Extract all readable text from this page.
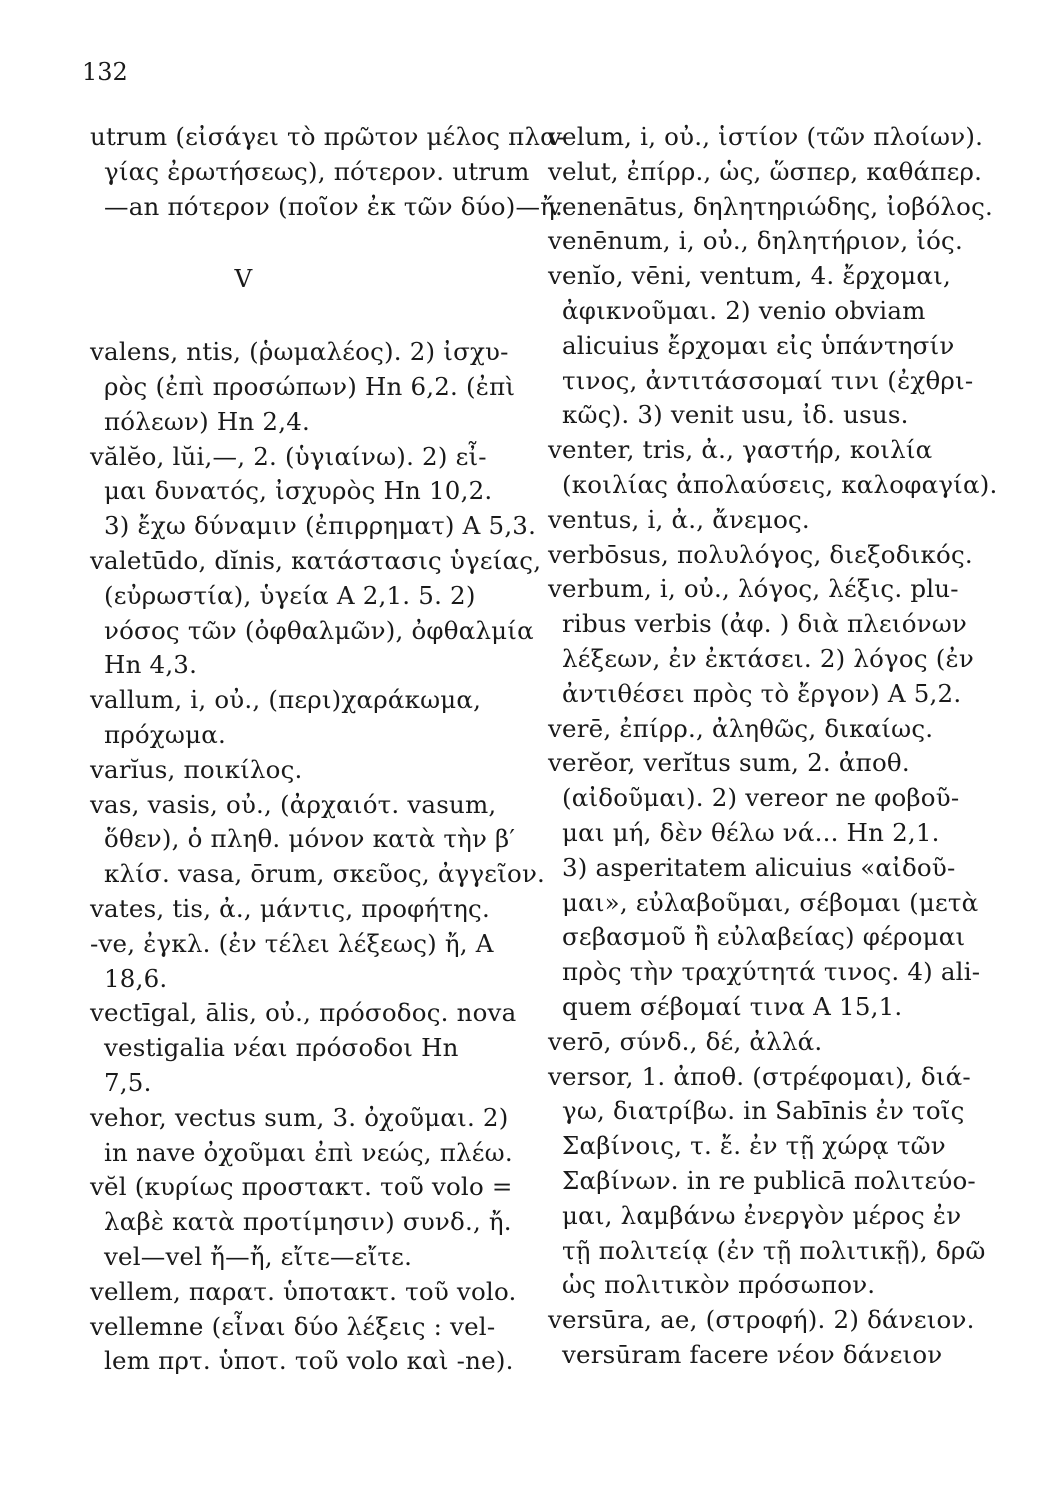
132
utrum (εἰσάγει τὸ πρῶτον μέλος πλα-
γίας ἐρωτήσεως), πότερον. utrum
—an πότερον (ποῖον ἐκ τῶν δύο)—ἤ.
V
valens, ntis, (ῥωμαλέος). 2) ἰσχυ-
ρὸς (ἐπὶ προσώπων) Hn 6,2. (ἐπὶ
πόλεων) Hn 2,4.
vălĕo, lŭi,—, 2. (ὑγιαίνω). 2) εἶ-
μαι δυνατός, ἰσχυρὸς Hn 10,2.
3) ἔχω δύναμιν (ἐπιρρηματ) A 5,3.
valetūdo, dĭnis, κατάστασις ὑγείας,
(εὐρωστία), ὑγεία A 2,1. 5. 2)
νόσος τῶν (ὀφθαλμῶν), ὀφθαλμία
Hn 4,3.
vallum, i, οὐ., (περι)χαράκωμα,
πρόχωμα.
varĭus, ποικίλος.
vas, vasis, οὐ., (ἀρχαιότ. vasum,
ὅθεν), ὁ πληθ. μόνον κατὰ τὴν β′
κλίσ. vasa, ōrum, σκεῦος, ἀγγεῖον.
vates, tis, ἀ., μάντις, προφήτης.
-ve, ἐγκλ. (ἐν τέλει λέξεως) ἤ, A
18,6.
vectīgal, ālis, οὐ., πρόσοδος. nova
vestigalia νέαι πρόσοδοι Hn
7,5.
vehor, vectus sum, 3. ὀχοῦμαι. 2)
in nave ὀχοῦμαι ἐπὶ νεώς, πλέω.
vĕl (κυρίως προστακτ. τοῦ volo =
λαβὲ κατὰ προτίμησιν) συνδ., ἤ.
vel—vel ἤ—ἤ, εἴτε—εἴτε.
vellem, παρατ. ὑποτακτ. τοῦ volo.
vellemne (εἶναι δύο λέξεις : vel-
lem πρτ. ὑποτ. τοῦ volo καὶ -ne).
velum, i, οὐ., ἱστίον (τῶν πλοίων).
velut, ἐπίρρ., ὡς, ὥσπερ, καθάπερ.
venenātus, δηλητηριώδης, ἰοβόλος.
venēnum, i, οὐ., δηλητήριον, ἰός.
venĭo, vēni, ventum, 4. ἔρχομαι,
ἀφικνοῦμαι. 2) venio obviam
alicuius ἔρχομαι εἰς ὑπάντησίν
τινος, ἀντιτάσσομαί τινι (ἐχθρι-
κῶς). 3) venit usu, ἰδ. usus.
venter, tris, ἀ., γαστήρ, κοιλία
(κοιλίας ἀπολαύσεις, καλοφαγία).
ventus, i, ἀ., ἄνεμος.
verbōsus, πολυλόγος, διεξοδικός.
verbum, i, οὐ., λόγος, λέξις. plu-
ribus verbis (ἀφ. ) διὰ πλειόνων
λέξεων, ἐν ἐκτάσει. 2) λόγος (ἐν
ἀντιθέσει πρὸς τὸ ἔργον) A 5,2.
verē, ἐπίρρ., ἀληθῶς, δικαίως.
verĕor, verĭtus sum, 2. ἀποθ.
(αἰδοῦμαι). 2) vereor ne φοβοῦ-
μαι μή, δὲν θέλω νά... Hn 2,1.
3) asperitatem alicuius «αἰδοῦ-
μαι», εὐλαβοῦμαι, σέβομαι (μετὰ
σεβασμοῦ ἢ εὐλαβείας) φέρομαι
πρὸς τὴν τραχύτητά τινος. 4) ali-
quem σέβομαί τινα A 15,1.
verō, σύνδ., δέ, ἀλλά.
versor, 1. ἀποθ. (στρέφομαι), διά-
γω, διατρίβω. in Sabīnis ἐν τοῖς
Σαβίνοις, τ. ἔ. ἐν τῇ χώρᾳ τῶν
Σαβίνων. in re publicā πολιτεύο-
μαι, λαμβάνω ἐνεργὸν μέρος ἐν
τῇ πολιτείᾳ (ἐν τῇ πολιτικῇ), δρῶ
ὡς πολιτικὸν πρόσωπον.
versūra, ae, (στροφή). 2) δάνειον.
versūram facere νέον δάνειον
